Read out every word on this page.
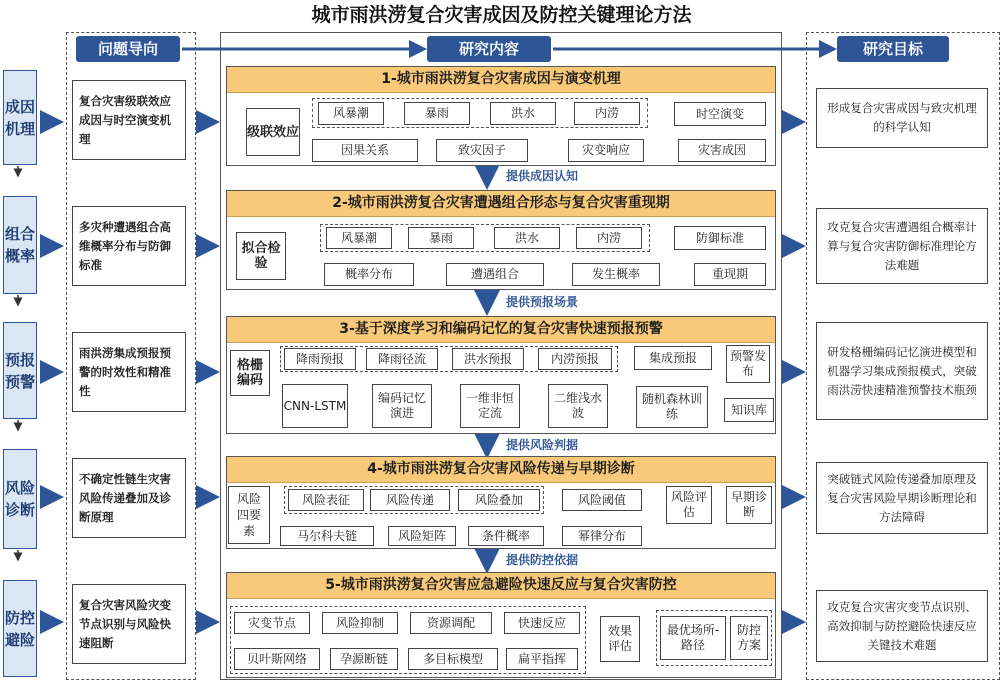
城市雨洪涝复合灾害成因及防控关键理论方法
问题导向	研究内容	研究目标
成因机理
组合概率
预报预警
风险诊断
防控避险
复合灾害级联效应成因与时空演变机理
多灾种遭遇组合高维概率分布与防御标准
雨洪涝集成预报预警的时效性和精准性
不确定性链生灾害风险传递叠加及诊断原理
复合灾害风险灾变节点识别与风险快速阻断
形成复合灾害成因与致灾机理的科学认知
攻克复合灾害遭遇组合概率计算与复合灾害防御标准理论方法难题
研发格栅编码记忆演进模型和机器学习集成预报模式，突破雨洪涝快速精准预警技术瓶颈
突破链式风险传递叠加原理及复合灾害风险早期诊断理论和方法障碍
攻克复合灾害灾变节点识别、高效抑制与防控避险快速反应关键技术难题
提供成因认知
提供预报场景
提供风险判据
提供防控依据
1-城市雨洪涝复合灾害成因与演变机理
级联效应
风暴潮	暴雨	洪水	内涝	时空演变
因果关系	致灾因子	灾变响应	灾害成因
2-城市雨洪涝复合灾害遭遇组合形态与复合灾害重现期
拟合检验
风暴潮	暴雨	洪水	内涝	防御标准
概率分布	遭遇组合	发生概率	重现期
3-基于深度学习和编码记忆的复合灾害快速预报预警
格栅编码
降雨预报	降雨径流	洪水预报	内涝预报	集成预报	预警发布
CNN-LSTM
编码记忆演进
一维非恒定流
二维浅水波
随机森林训练	知识库
4-城市雨洪涝复合灾害风险传递与早期诊断
风险四要素
风险表征	风险传递	风险叠加	风险阈值	风险评估
早期诊断
马尔科夫链	风险矩阵	条件概率	幂律分布
5-城市雨洪涝复合灾害应急避险快速反应与复合灾害防控
灾变节点	风险抑制	资源调配	快速反应
贝叶斯网络	孕源断链	多目标模型	扁平指挥
效果评估
最优场所-路径
防控方案
